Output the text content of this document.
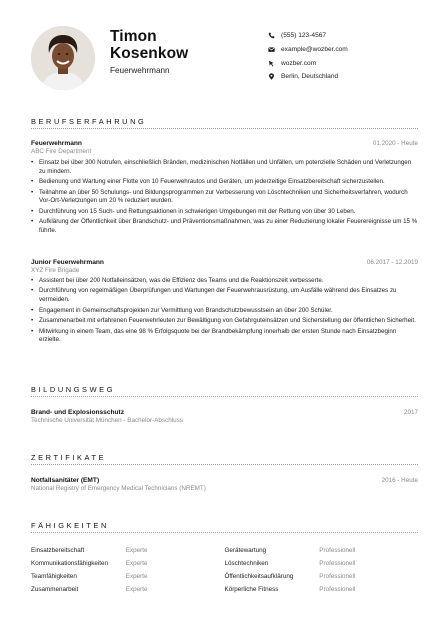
Timon
Kosenkow
Feuerwehrmann
(555) 123-4567
example@wozber.com
wozber.com
Berlin, Deutschland
BERUFSERFAHRUNG
Feuerwehrmann
ABC Fire Department
01.2020 - Heute
• Einsatz bei über 300 Notrufen, einschließlich Bränden, medizinischen Notfällen und Unfällen, um potenzielle Schäden und Verletzungen zu mindern.
• Bedienung und Wartung einer Flotte von 10 Feuerwehrautos und Geräten, um jederzeitige Einsatzbereitschaft sicherzustellen.
• Teilnahme an über 50 Schulungs- und Bildungsprogrammen zur Verbesserung von Löschtechniken und Sicherheitsverfahren, wodurch Vor-Ort-Verletzungen um 20 % reduziert wurden.
• Durchführung von 15 Such- und Rettungsaktionen in schwierigen Umgebungen mit der Rettung von über 30 Leben.
• Aufklärung der Öffentlichkeit über Brandschutz- und Präventionsmaßnahmen, was zu einer Reduzierung lokaler Feuerereignisse um 15 % führte.
Junior Feuerwehrmann
XYZ Fire Brigade
06.2017 - 12.2019
• Assistent bei über 200 Notfalleinsätzen, was die Effizienz des Teams und die Reaktionszeit verbesserte.
• Durchführung von regelmäßigen Überprüfungen und Wartungen der Feuerwehrausrüstung, um Ausfälle während des Einsatzes zu vermeiden.
• Engagement in Gemeinschaftsprojekten zur Vermittlung von Brandschutzbewusstsein an über 200 Schüler.
• Zusammenarbeit mit erfahrenen Feuerwehrleuten zur Bewältigung von Gefahrguteinsätzen und Sicherstellung der öffentlichen Sicherheit.
• Mitwirkung in einem Team, das eine 98 % Erfolgsquote bei der Brandbekämpfung innerhalb der ersten Stunde nach Einsatzbeginn erzielte.
BILDUNGSWEG
Brand- und Explosionsschutz
Technische Universität München - Bachelor-Abschluss
2017
ZERTIFIKATE
Notfallsanitäter (EMT)
National Registry of Emergency Medical Technicians (NREMT)
2016 - Heute
FÄHIGKEITEN
Einsatzbereitschaft	Experte	Gerätewartung	Professionell
Kommunikationsfähigkeiten	Experte	Löschtechniken	Professionell
Teamfähigkeiten	Experte	Öffentlichkeitsaufklärung	Professionell
Zusammenarbeit	Experte	Körperliche Fitness	Professionell
